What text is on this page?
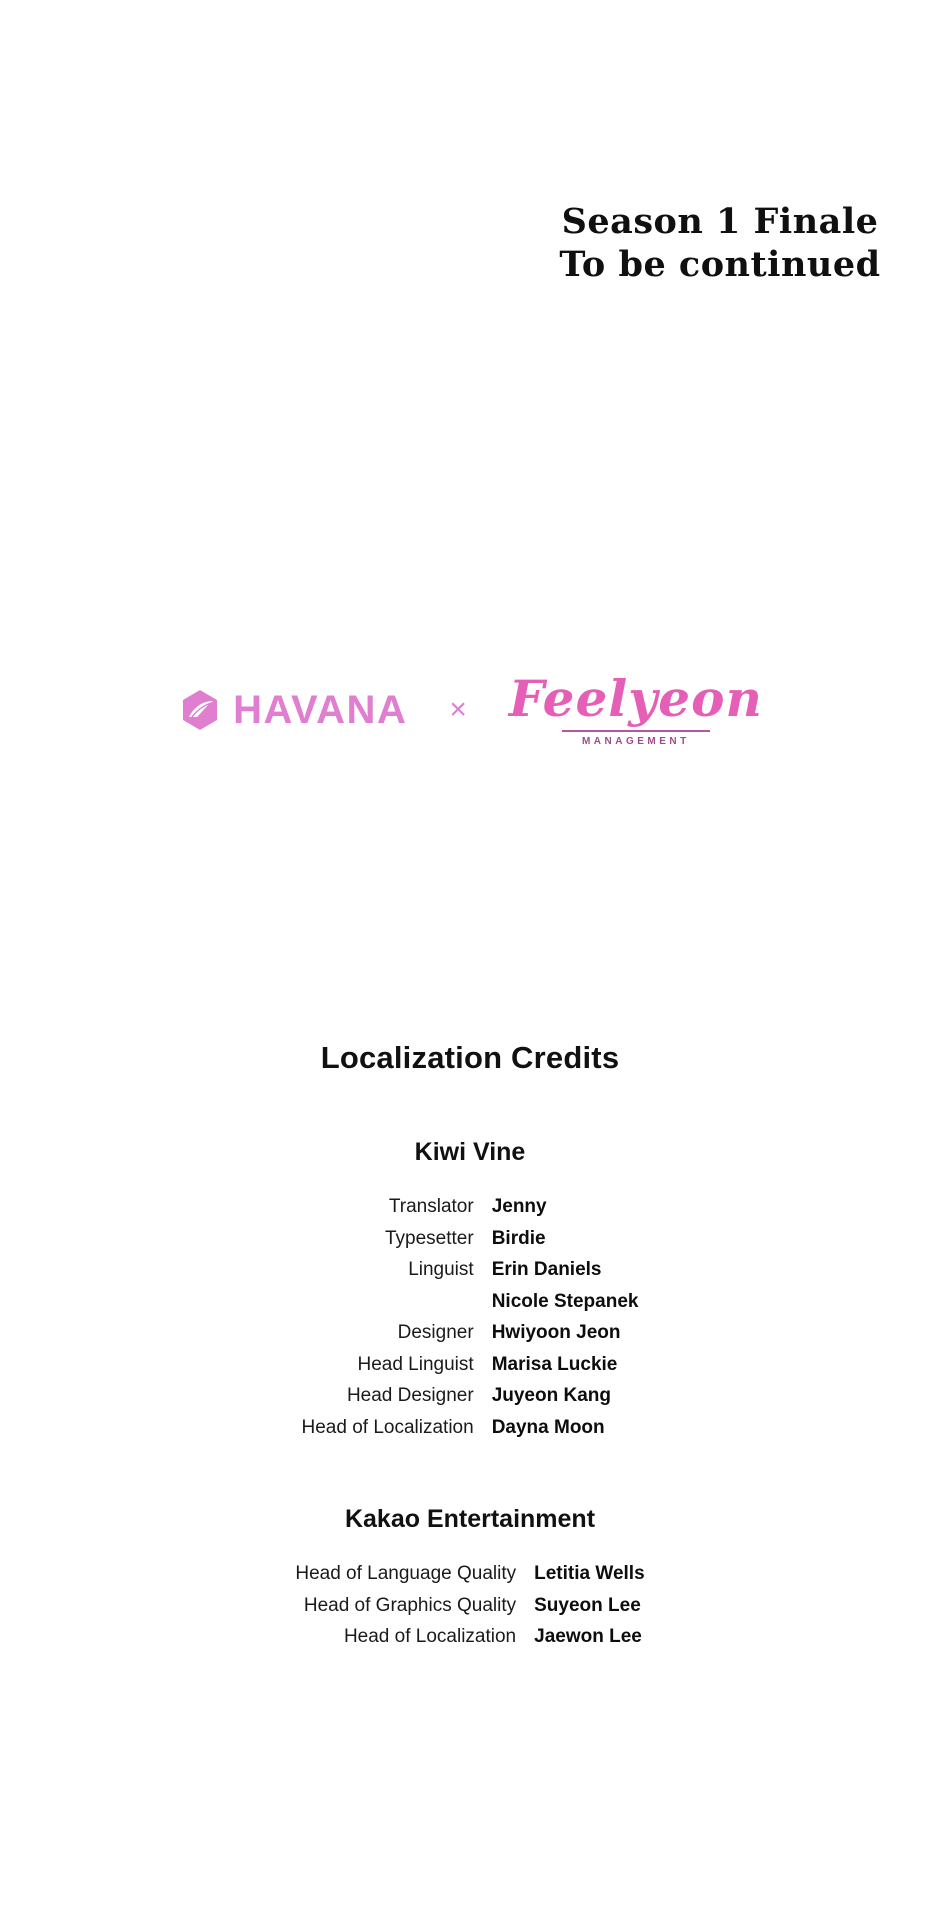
Season 1 Finale
To be continued
HAVANA × Feelyeon
MANAGEMENT
Localization Credits
Kiwi Vine
Translator	Jenny
Typesetter	Birdie
Linguist	Erin Daniels
	Nicole Stepanek
Designer	Hwiyoon Jeon
Head Linguist	Marisa Luckie
Head Designer	Juyeon Kang
Head of Localization	Dayna Moon
Kakao Entertainment
Head of Language Quality	Letitia Wells
Head of Graphics Quality	Suyeon Lee
Head of Localization	Jaewon Lee
